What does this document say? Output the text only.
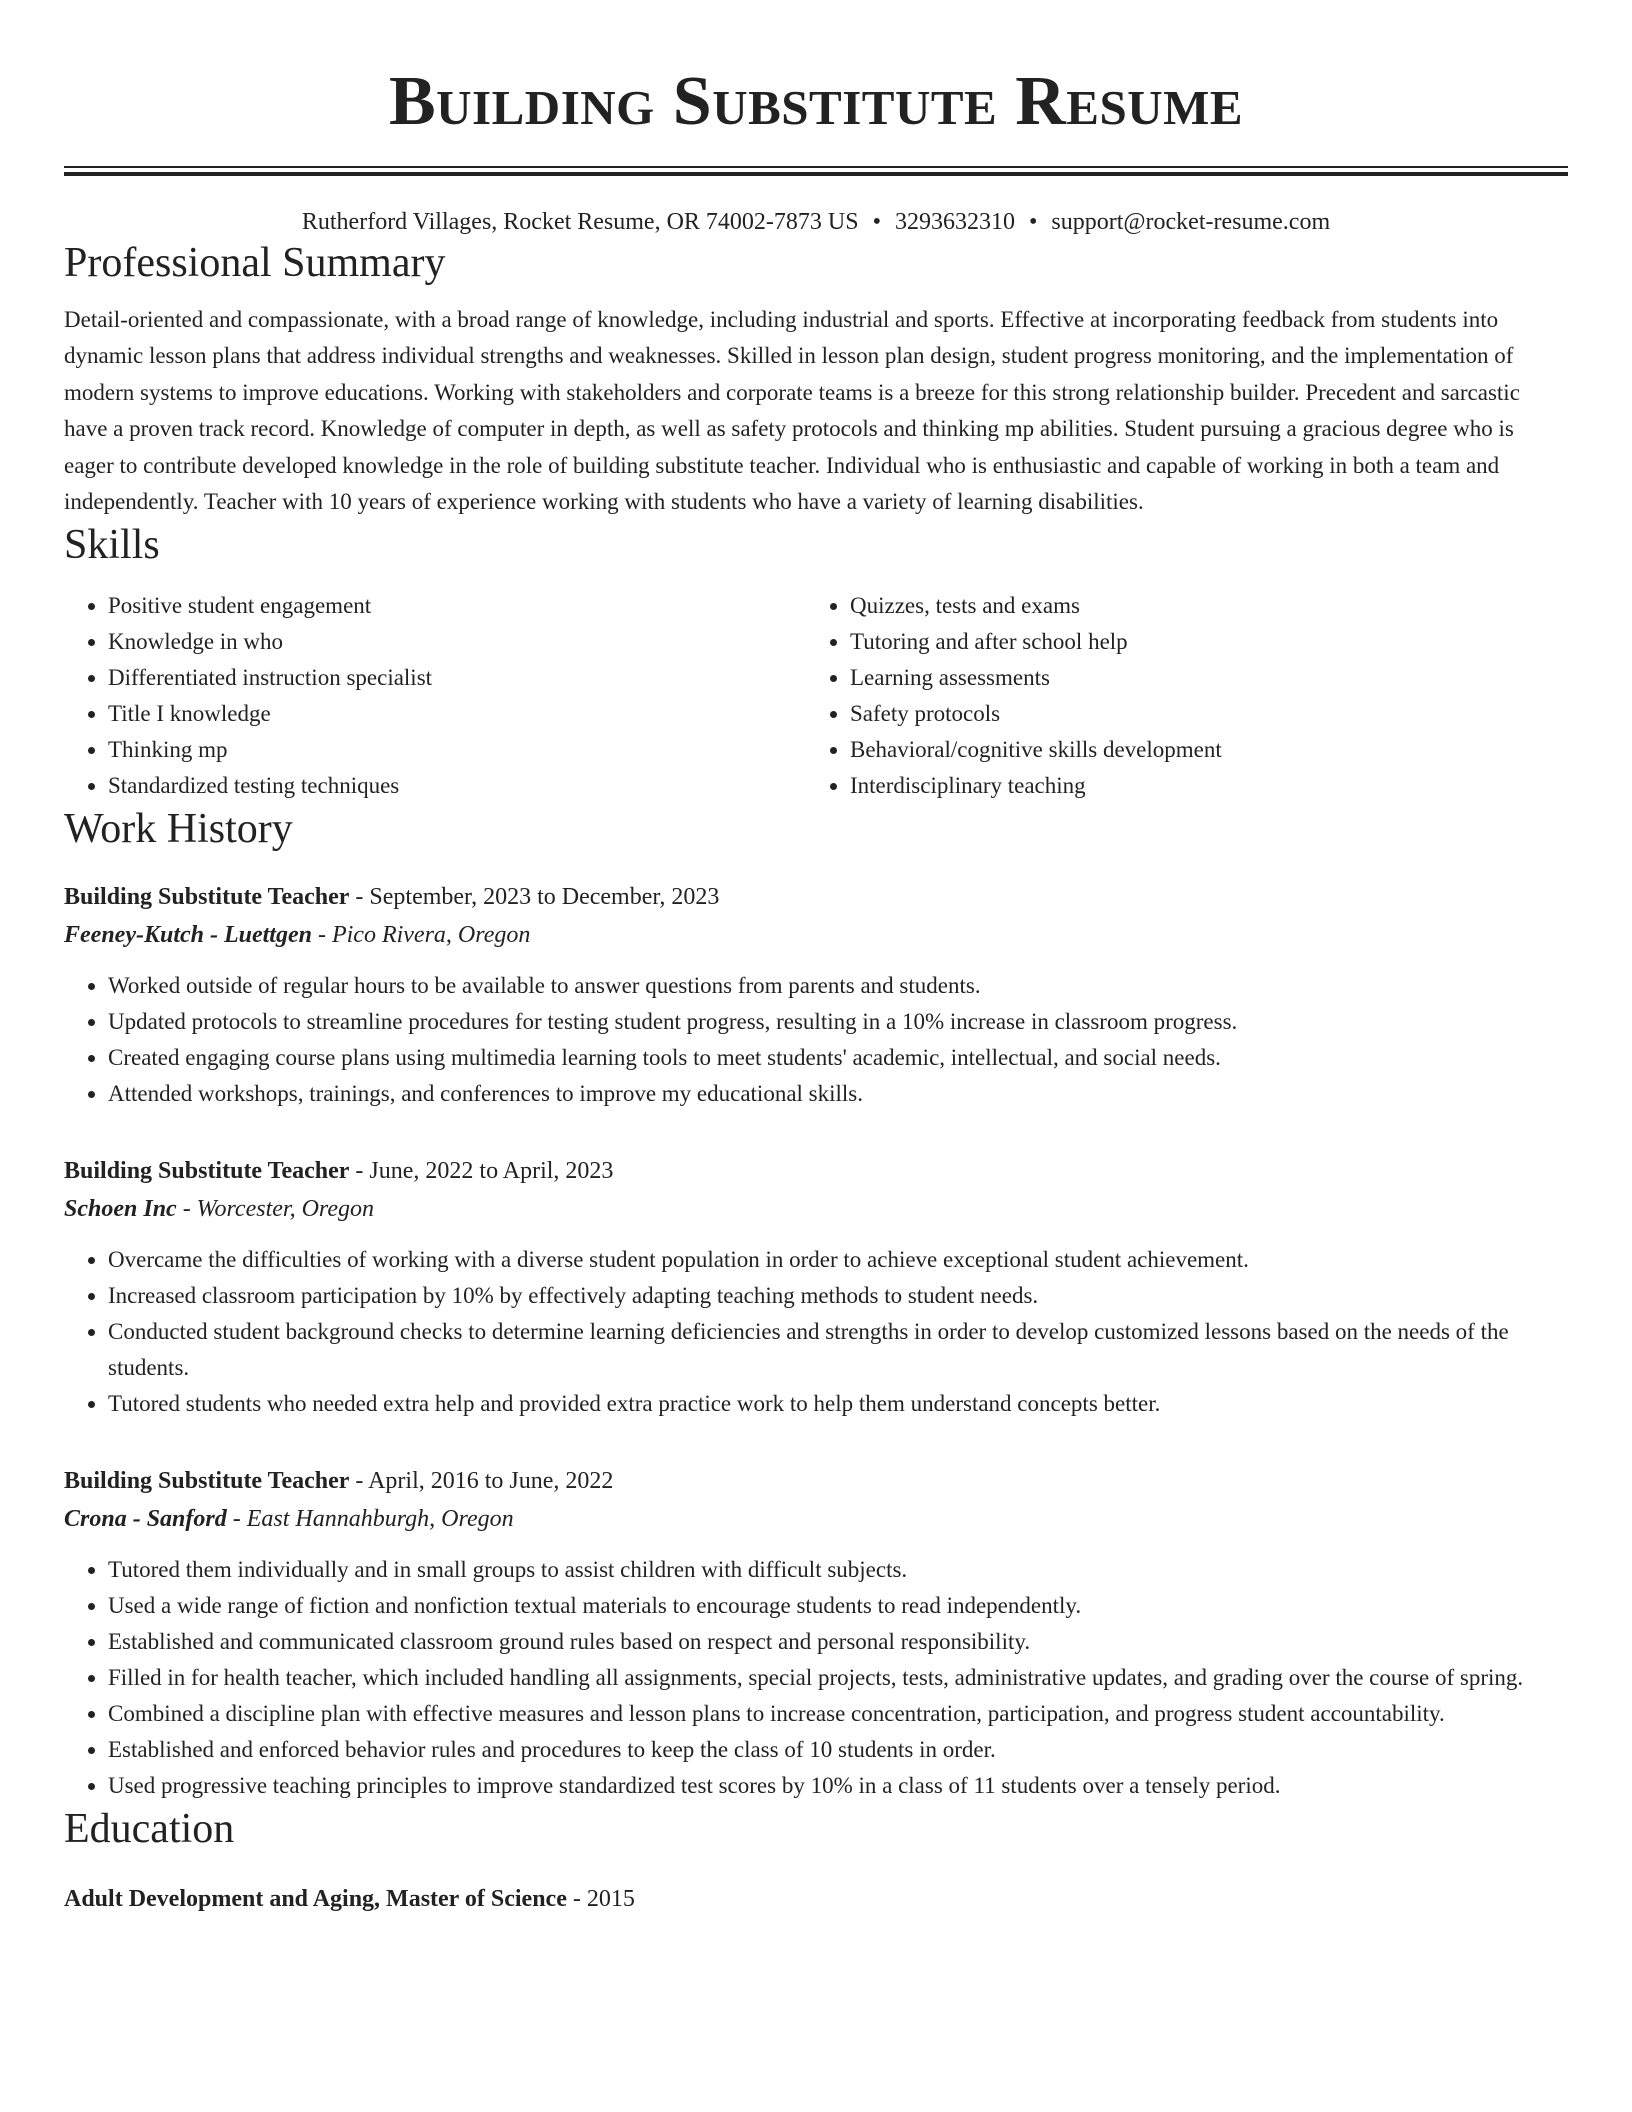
Building Substitute Resume
Rutherford Villages, Rocket Resume, OR 74002-7873 US • 3293632310 • support@rocket-resume.com
Professional Summary

Detail-oriented and compassionate, with a broad range of knowledge, including industrial and sports. Effective at incorporating feedback from students into dynamic lesson plans that address individual strengths and weaknesses. Skilled in lesson plan design, student progress monitoring, and the implementation of modern systems to improve educations. Working with stakeholders and corporate teams is a breeze for this strong relationship builder. Precedent and sarcastic have a proven track record. Knowledge of computer in depth, as well as safety protocols and thinking mp abilities. Student pursuing a gracious degree who is eager to contribute developed knowledge in the role of building substitute teacher. Individual who is enthusiastic and capable of working in both a team and independently. Teacher with 10 years of experience working with students who have a variety of learning disabilities.

Skills
• Positive student engagement
• Knowledge in who
• Differentiated instruction specialist
• Title I knowledge
• Thinking mp
• Standardized testing techniques
• Quizzes, tests and exams
• Tutoring and after school help
• Learning assessments
• Safety protocols
• Behavioral/cognitive skills development
• Interdisciplinary teaching
Work History
Building Substitute Teacher - September, 2023 to December, 2023
Feeney-Kutch - Luettgen - Pico Rivera, Oregon
• Worked outside of regular hours to be available to answer questions from parents and students.
• Updated protocols to streamline procedures for testing student progress, resulting in a 10% increase in classroom progress.
• Created engaging course plans using multimedia learning tools to meet students' academic, intellectual, and social needs.
• Attended workshops, trainings, and conferences to improve my educational skills.
Building Substitute Teacher - June, 2022 to April, 2023
Schoen Inc - Worcester, Oregon
• Overcame the difficulties of working with a diverse student population in order to achieve exceptional student achievement.
• Increased classroom participation by 10% by effectively adapting teaching methods to student needs.
• Conducted student background checks to determine learning deficiencies and strengths in order to develop customized lessons based on the needs of the students.
• Tutored students who needed extra help and provided extra practice work to help them understand concepts better.
Building Substitute Teacher - April, 2016 to June, 2022
Crona - Sanford - East Hannahburgh, Oregon
• Tutored them individually and in small groups to assist children with difficult subjects.
• Used a wide range of fiction and nonfiction textual materials to encourage students to read independently.
• Established and communicated classroom ground rules based on respect and personal responsibility.
• Filled in for health teacher, which included handling all assignments, special projects, tests, administrative updates, and grading over the course of spring.
• Combined a discipline plan with effective measures and lesson plans to increase concentration, participation, and progress student accountability.
• Established and enforced behavior rules and procedures to keep the class of 10 students in order.
• Used progressive teaching principles to improve standardized test scores by 10% in a class of 11 students over a tensely period.
Education
Adult Development and Aging, Master of Science - 2015
